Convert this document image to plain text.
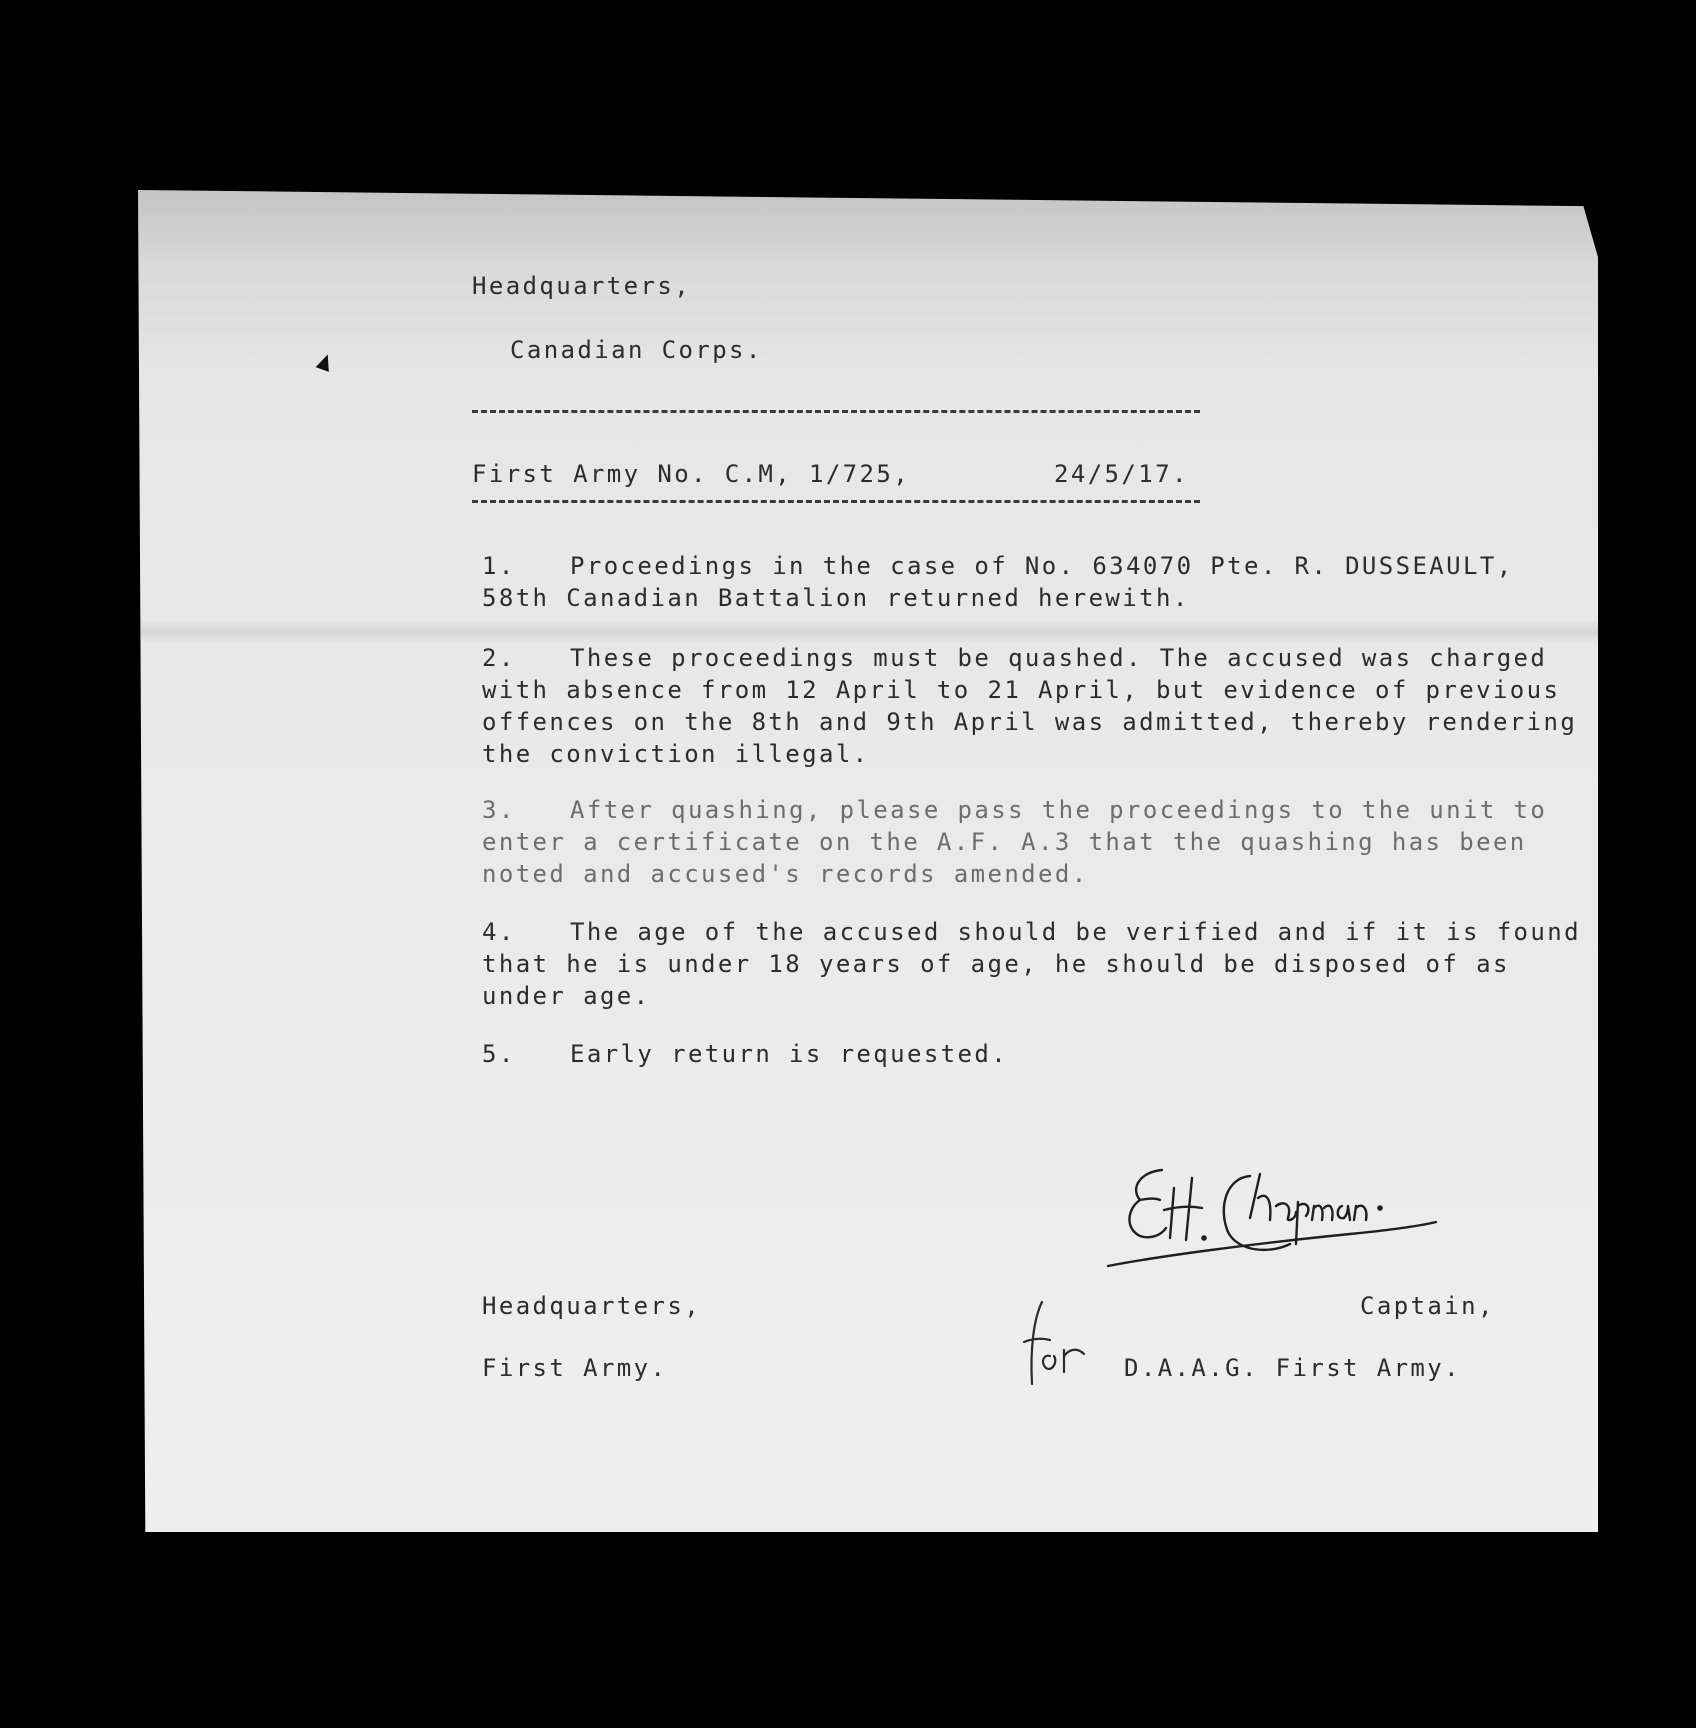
Headquarters,

Canadian Corps.

First Army No. C.M, 1/725,	24/5/17.

1. Proceedings in the case of No. 634070 Pte. R. DUSSEAULT, 58th Canadian Battalion returned herewith.

2. These proceedings must be quashed. The accused was charged with absence from 12 April to 21 April, but evidence of previous offences on the 8th and 9th April was admitted, thereby rendering the conviction illegal.

3. After quashing, please pass the proceedings to the unit to enter a certificate on the A.F. A.3 that the quashing has been noted and accused's records amended.

4. The age of the accused should be verified and if it is found that he is under 18 years of age, he should be disposed of as under age.

5. Early return is requested.

Headquarters,

First Army.

Captain,

D.A.A.G. First Army.
